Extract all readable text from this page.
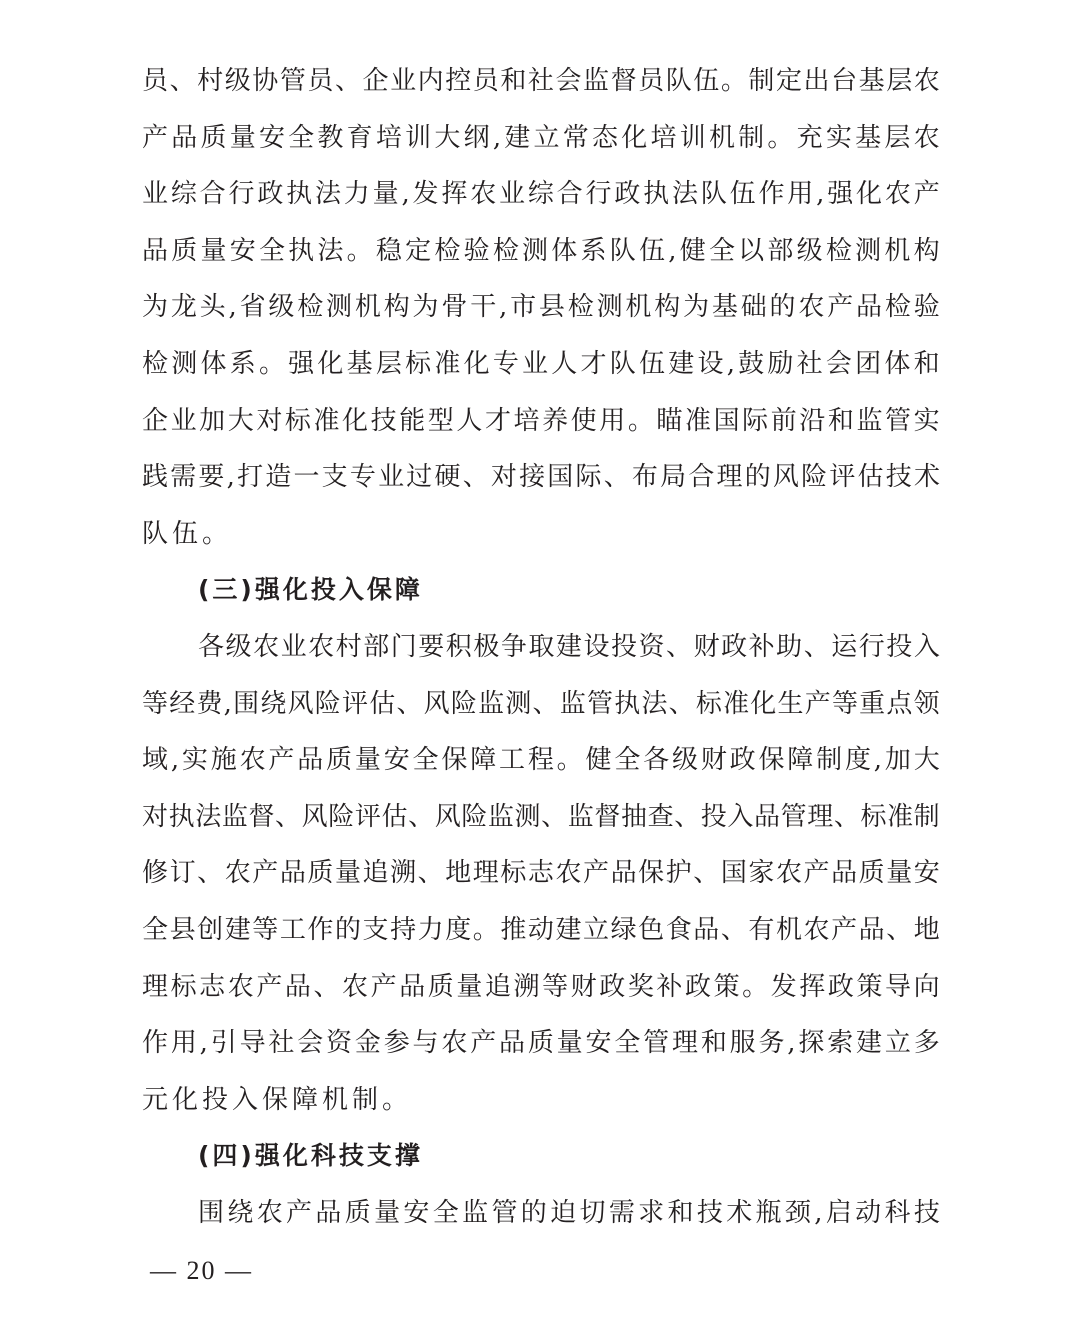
员 、 村 级 协 管 员 、 企 业 内 控 员 和 社 会 监 督 员 队 伍 。 制 定 出 台 基 层 农
产 品 质 量 安 全 教 育 培 训 大 纲 , 建 立 常 态 化 培 训 机 制 。 充 实 基 层 农
业 综 合 行 政 执 法 力 量 , 发 挥 农 业 综 合 行 政 执 法 队 伍 作 用 , 强 化 农 产
品 质 量 安 全 执 法 。 稳 定 检 验 检 测 体 系 队 伍 , 健 全 以 部 级 检 测 机 构
为 龙 头 , 省 级 检 测 机 构 为 骨 干 , 市 县 检 测 机 构 为 基 础 的 农 产 品 检 验
检 测 体 系 。 强 化 基 层 标 准 化 专 业 人 才 队 伍 建 设 , 鼓 励 社 会 团 体 和
企 业 加 大 对 标 准 化 技 能 型 人 才 培 养 使 用 。 瞄 准 国 际 前 沿 和 监 管 实
践 需 要 , 打 造 一 支 专 业 过 硬 、 对 接 国 际 、 布 局 合 理 的 风 险 评 估 技 术
队伍。
(三)强化投入保障
各 级 农 业 农 村 部 门 要 积 极 争 取 建 设 投 资 、 财 政 补 助 、 运 行 投 入
等 经 费 , 围 绕 风 险 评 估 、 风 险 监 测 、 监 管 执 法 、 标 准 化 生 产 等 重 点 领
域 , 实 施 农 产 品 质 量 安 全 保 障 工 程 。 健 全 各 级 财 政 保 障 制 度 , 加 大
对 执 法 监 督 、 风 险 评 估 、 风 险 监 测 、 监 督 抽 查 、 投 入 品 管 理 、 标 准 制
修 订 、 农 产 品 质 量 追 溯 、 地 理 标 志 农 产 品 保 护 、 国 家 农 产 品 质 量 安
全 县 创 建 等 工 作 的 支 持 力 度 。 推 动 建 立 绿 色 食 品 、 有 机 农 产 品 、 地
理 标 志 农 产 品 、 农 产 品 质 量 追 溯 等 财 政 奖 补 政 策 。 发 挥 政 策 导 向
作 用 , 引 导 社 会 资 金 参 与 农 产 品 质 量 安 全 管 理 和 服 务 , 探 索 建 立 多
元化投入保障机制。
(四)强化科技支撑
围 绕 农 产 品 质 量 安 全 监 管 的 迫 切 需 求 和 技 术 瓶 颈 , 启 动 科 技
— 20 —
